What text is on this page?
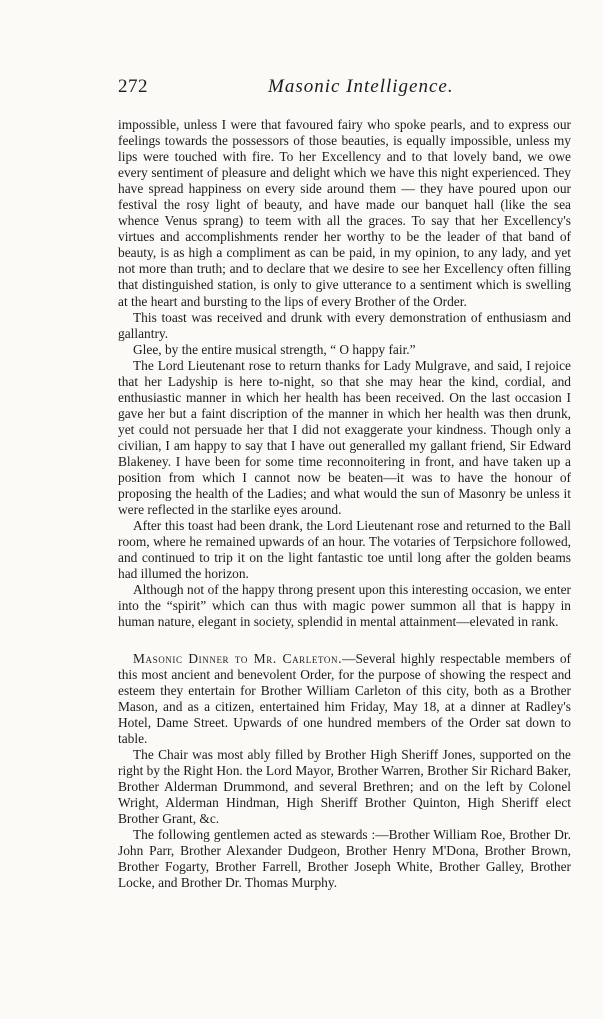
272	Masonic Intelligence.

impossible, unless I were that favoured fairy who spoke pearls, and to express our feelings towards the possessors of those beauties, is equally impossible, unless my lips were touched with fire. To her Excellency and to that lovely band, we owe every sentiment of pleasure and delight which we have this night experienced. They have spread happiness on every side around them — they have poured upon our festival the rosy light of beauty, and have made our banquet hall (like the sea whence Venus sprang) to teem with all the graces. To say that her Excellency's virtues and accomplishments render her worthy to be the leader of that band of beauty, is as high a compliment as can be paid, in my opinion, to any lady, and yet not more than truth; and to declare that we desire to see her Excellency often filling that distinguished station, is only to give utterance to a sentiment which is swelling at the heart and bursting to the lips of every Brother of the Order.

This toast was received and drunk with every demonstration of enthusiasm and gallantry.

Glee, by the entire musical strength, “ O happy fair.”

The Lord Lieutenant rose to return thanks for Lady Mulgrave, and said, I rejoice that her Ladyship is here to-night, so that she may hear the kind, cordial, and enthusiastic manner in which her health has been received. On the last occasion I gave her but a faint discription of the manner in which her health was then drunk, yet could not persuade her that I did not exaggerate your kindness. Though only a civilian, I am happy to say that I have out generalled my gallant friend, Sir Edward Blakeney. I have been for some time reconnoitering in front, and have taken up a position from which I cannot now be beaten—it was to have the honour of proposing the health of the Ladies; and what would the sun of Masonry be unless it were reflected in the starlike eyes around.

After this toast had been drank, the Lord Lieutenant rose and returned to the Ball room, where he remained upwards of an hour. The votaries of Terpsichore followed, and continued to trip it on the light fantastic toe until long after the golden beams had illumed the horizon.

Although not of the happy throng present upon this interesting occasion, we enter into the “spirit” which can thus with magic power summon all that is happy in human nature, elegant in society, splendid in mental attainment—elevated in rank.

Masonic Dinner to Mr. Carleton.—Several highly respectable members of this most ancient and benevolent Order, for the purpose of showing the respect and esteem they entertain for Brother William Carleton of this city, both as a Brother Mason, and as a citizen, entertained him Friday, May 18, at a dinner at Radley's Hotel, Dame Street. Upwards of one hundred members of the Order sat down to table.

The Chair was most ably filled by Brother High Sheriff Jones, supported on the right by the Right Hon. the Lord Mayor, Brother Warren, Brother Sir Richard Baker, Brother Alderman Drummond, and several Brethren; and on the left by Colonel Wright, Alderman Hindman, High Sheriff Brother Quinton, High Sheriff elect Brother Grant, &c.

The following gentlemen acted as stewards :—Brother William Roe, Brother Dr. John Parr, Brother Alexander Dudgeon, Brother Henry M'Dona, Brother Brown, Brother Fogarty, Brother Farrell, Brother Joseph White, Brother Galley, Brother Locke, and Brother Dr. Thomas Murphy.
